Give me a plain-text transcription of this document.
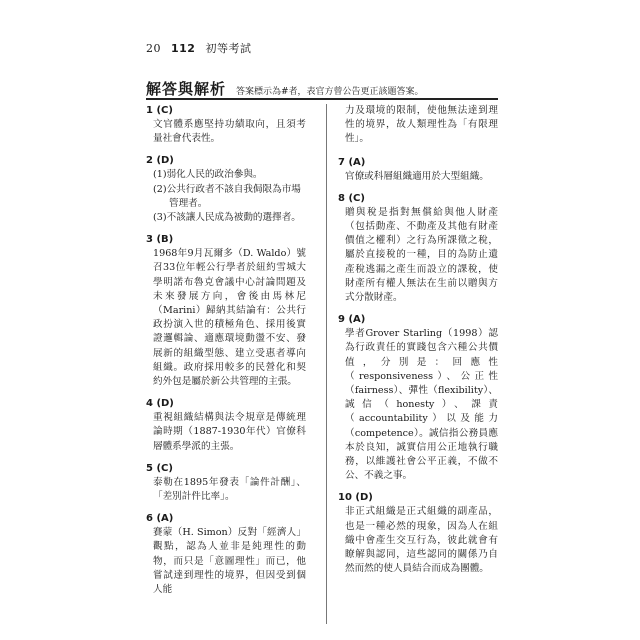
20 112 初等考試
解答與解析 答案標示為#者，表官方曾公告更正該題答案。
1 (C)

文官體系應堅持功績取向，且須考量社會代表性。

2 (D)

(1)弱化人民的政治參與。

(2)公共行政者不該自我侷限為市場
管理者。

(3)不該讓人民成為被動的選擇者。

3 (B)

1968年9月瓦爾多（D. Waldo）號召33位年輕公行學者於紐約雪城大學明諾布魯克會議中心討論問題及未來發展方向，會後由馬林尼（Marini）歸納其結論有：公共行政扮演入世的積極角色、採用後實證邏輯論、適應環境動盪不安、發展新的組織型態、建立受惠者導向組織。政府採用較多的民營化和契約外包是屬於新公共管理的主張。

4 (D)

重視組織結構與法令規章是傳統理論時期（1887-1930年代）官僚科層體系學派的主張。

5 (C)

泰勒在1895年發表「論件計酬」、「差別計件比率」。

6 (A)

賽蒙（H. Simon）反對「經濟人」觀點，認為人並非是純理性的動物，而只是「意圖理性」而已，他嘗試達到理性的境界，但因受到個人能

力及環境的限制，使他無法達到理性的境界，故人類理性為「有限理性」。
7 (A)

官僚或科層組織適用於大型組織。

8 (C)

贈與稅是指對無償給與他人財產（包括動產、不動產及其他有財產價值之權利）之行為所課徵之稅，屬於直接稅的一種，目的為防止遺產稅逃漏之產生而設立的課稅，使財產所有權人無法在生前以贈與方式分散財產。

9 (A)

學者Grover Starling（1998）認為行政責任的實踐包含六種公共價值，分別是：回應性（responsiveness）、公正性（fairness）、彈性（flexibility）、誠信（honesty）、課責（accountability）以及能力（competence）。誠信指公務員應本於良知，誠實信用公正地執行職務，以維護社會公平正義，不做不公、不義之事。

10 (D)

非正式組織是正式組織的副產品，也是一種必然的現象，因為人在組織中會產生交互行為，彼此就會有瞭解與認同，這些認同的關係乃自然而然的使人員結合而成為團體。
